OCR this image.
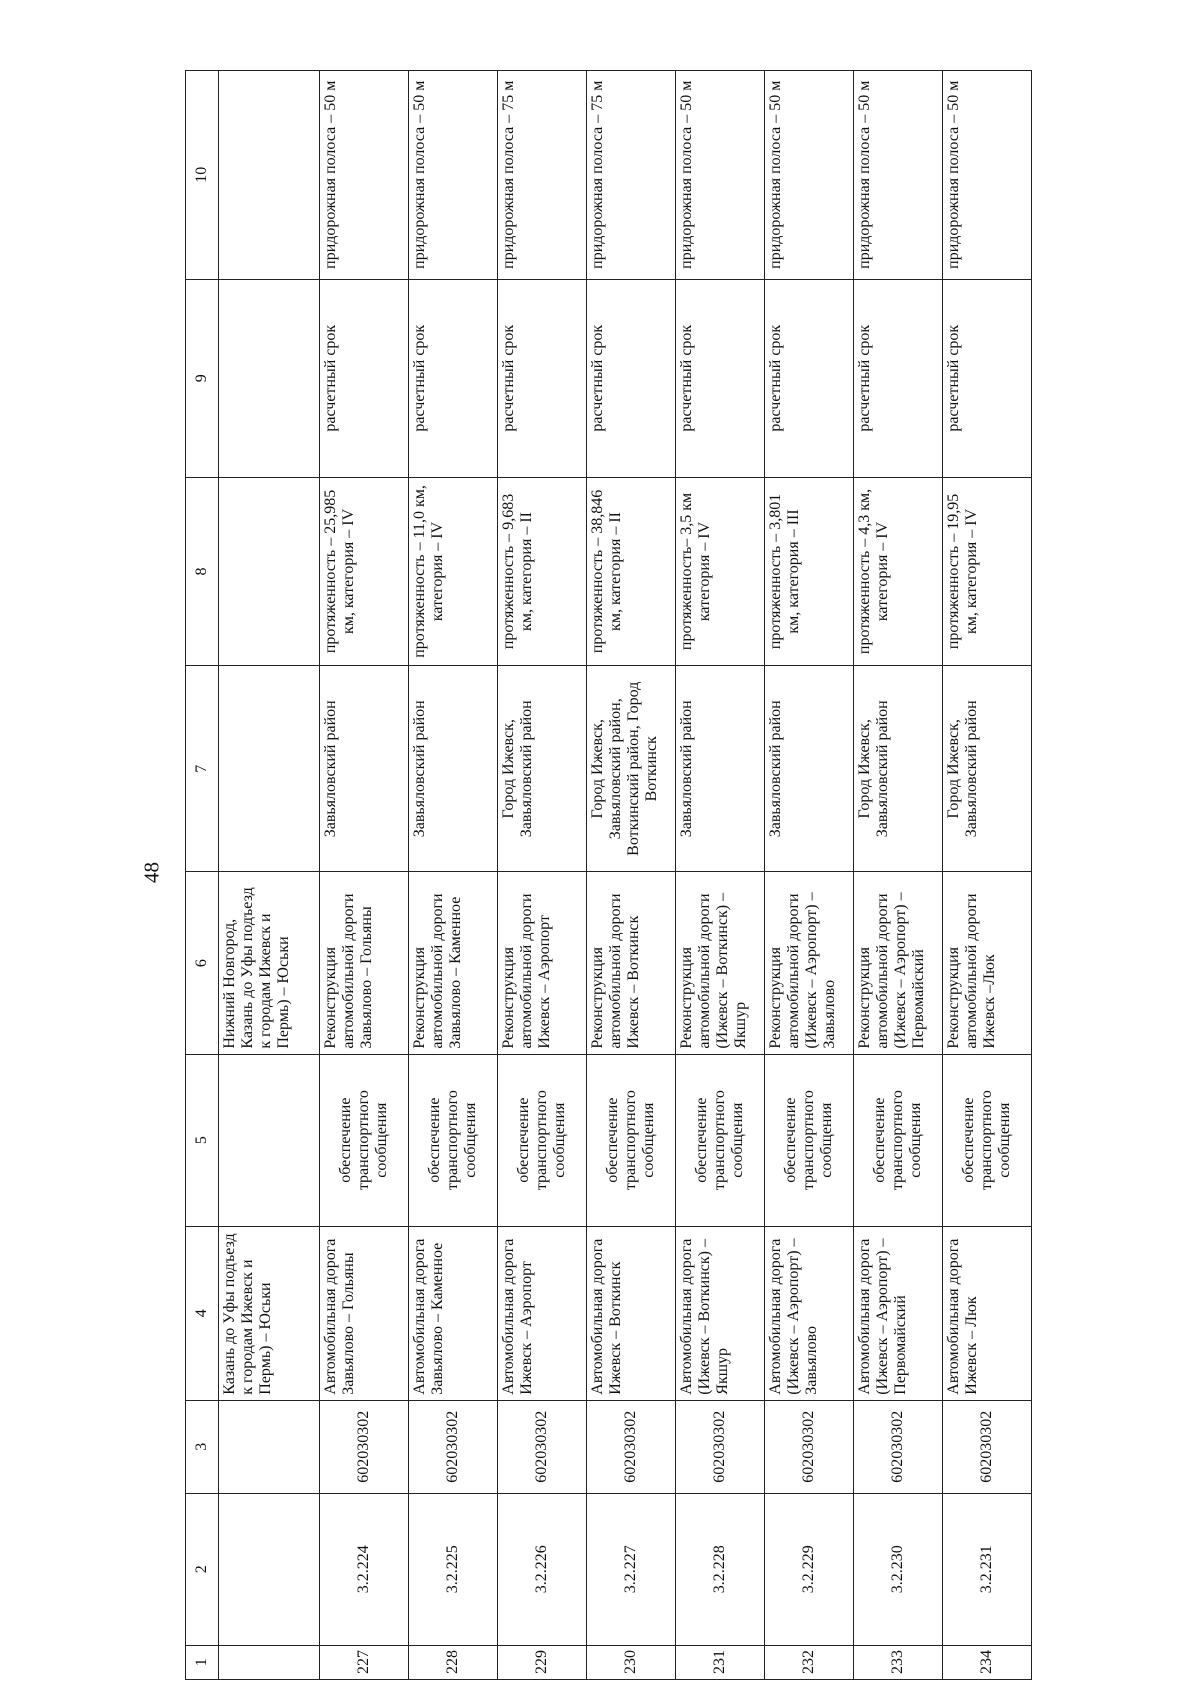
48
1	2	3	4	5	6	7	8	9	10
			Казань до Уфы подъезд к городам Ижевск и Пермь) – Юськи		Нижний Новгород, Казань до Уфы подъезд к городам Ижевск и Пермь) – Юськи				
227	3.2.224	602030302	Автомобильная дорога Завьялово – Гольяны	обеспечение транспортного сообщения	Реконструкция автомобильной дороги Завьялово – Гольяны	Завьяловский район	протяженность – 25,985 км, категория – IV	расчетный срок	придорожная полоса – 50 м
228	3.2.225	602030302	Автомобильная дорога Завьялово – Каменное	обеспечение транспортного сообщения	Реконструкция автомобильной дороги Завьялово – Каменное	Завьяловский район	протяженность – 11,0 км, категория – IV	расчетный срок	придорожная полоса – 50 м
229	3.2.226	602030302	Автомобильная дорога Ижевск – Аэропорт	обеспечение транспортного сообщения	Реконструкция автомобильной дороги Ижевск – Аэропорт	Город Ижевск, Завьяловский район	протяженность – 9,683 км, категория – II	расчетный срок	придорожная полоса – 75 м
230	3.2.227	602030302	Автомобильная дорога Ижевск – Воткинск	обеспечение транспортного сообщения	Реконструкция автомобильной дороги Ижевск – Воткинск	Город Ижевск, Завьяловский район, Воткинский район, Город Воткинск	протяженность – 38,846 км, категория – II	расчетный срок	придорожная полоса – 75 м
231	3.2.228	602030302	Автомобильная дорога (Ижевск – Воткинск) –Якшур	обеспечение транспортного сообщения	Реконструкция автомобильной дороги (Ижевск – Воткинск) – Якшур	Завьяловский район	протяженность– 3,5 км категория – IV	расчетный срок	придорожная полоса – 50 м
232	3.2.229	602030302	Автомобильная дорога (Ижевск – Аэропорт) – Завьялово	обеспечение транспортного сообщения	Реконструкция автомобильной дороги (Ижевск – Аэропорт) – Завьялово	Завьяловский район	протяженность – 3,801 км, категория – III	расчетный срок	придорожная полоса – 50 м
233	3.2.230	602030302	Автомобильная дорога (Ижевск – Аэропорт) – Первомайский	обеспечение транспортного сообщения	Реконструкция автомобильной дороги (Ижевск – Аэропорт) – Первомайский	Город Ижевск, Завьяловский район	протяженность – 4,3 км, категория – IV	расчетный срок	придорожная полоса – 50 м
234	3.2.231	602030302	Автомобильная дорога Ижевск – Люк	обеспечение транспортного сообщения	Реконструкция автомобильной дороги Ижевск –Люк	Город Ижевск, Завьяловский район	протяженность – 19,95 км, категория – IV	расчетный срок	придорожная полоса – 50 м
